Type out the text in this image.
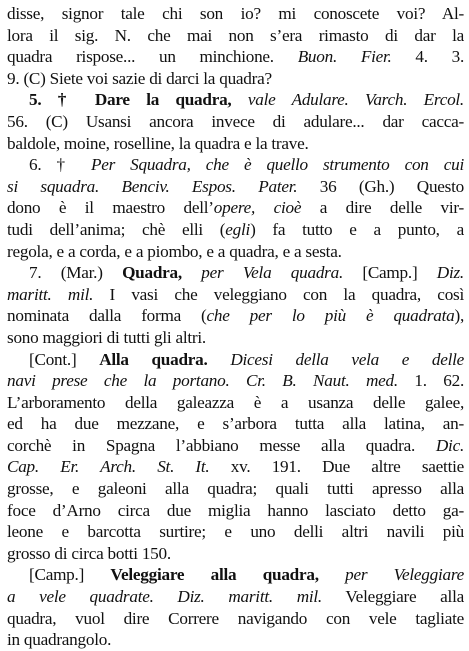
disse, signor tale chi son io? mi conoscete voi? Al-
lora il sig. N. che mai non s’era rimasto di dar la
quadra rispose... un minchione. Buon. Fier. 4. 3.
9. (C) Siete voi sazie di darci la quadra?
5. † Dare la quadra, vale Adulare. Varch. Ercol.
56. (C) Usansi ancora invece di adulare... dar cacca-
baldole, moine, roselline, la quadra e la trave.
6. † Per Squadra, che è quello strumento con cui
si squadra. Benciv. Espos. Pater. 36 (Gh.) Questo
dono è il maestro dell’opere, cioè a dire delle vir-
tudi dell’anima; chè elli (egli) fa tutto e a punto, a
regola, e a corda, e a piombo, e a quadra, e a sesta.
7. (Mar.) Quadra, per Vela quadra. [Camp.] Diz.
maritt. mil. I vasi che veleggiano con la quadra, così
nominata dalla forma (che per lo più è quadrata),
sono maggiori di tutti gli altri.
[Cont.] Alla quadra. Dicesi della vela e delle
navi prese che la portano. Cr. B. Naut. med. 1. 62.
L’arboramento della galeazza è a usanza delle galee,
ed ha due mezzane, e s’arbora tutta alla latina, an-
corchè in Spagna l’abbiano messe alla quadra. Dic.
Cap. Er. Arch. St. It. xv. 191. Due altre saettie
grosse, e galeoni alla quadra; quali tutti apresso alla
foce d’Arno circa due miglia hanno lasciato detto ga-
leone e barcotta surtire; e uno delli altri navili più
grosso di circa botti 150.
[Camp.] Veleggiare alla quadra, per Veleggiare
a vele quadrate. Diz. maritt. mil. Veleggiare alla
quadra, vuol dire Correre navigando con vele tagliate
in quadrangolo.
